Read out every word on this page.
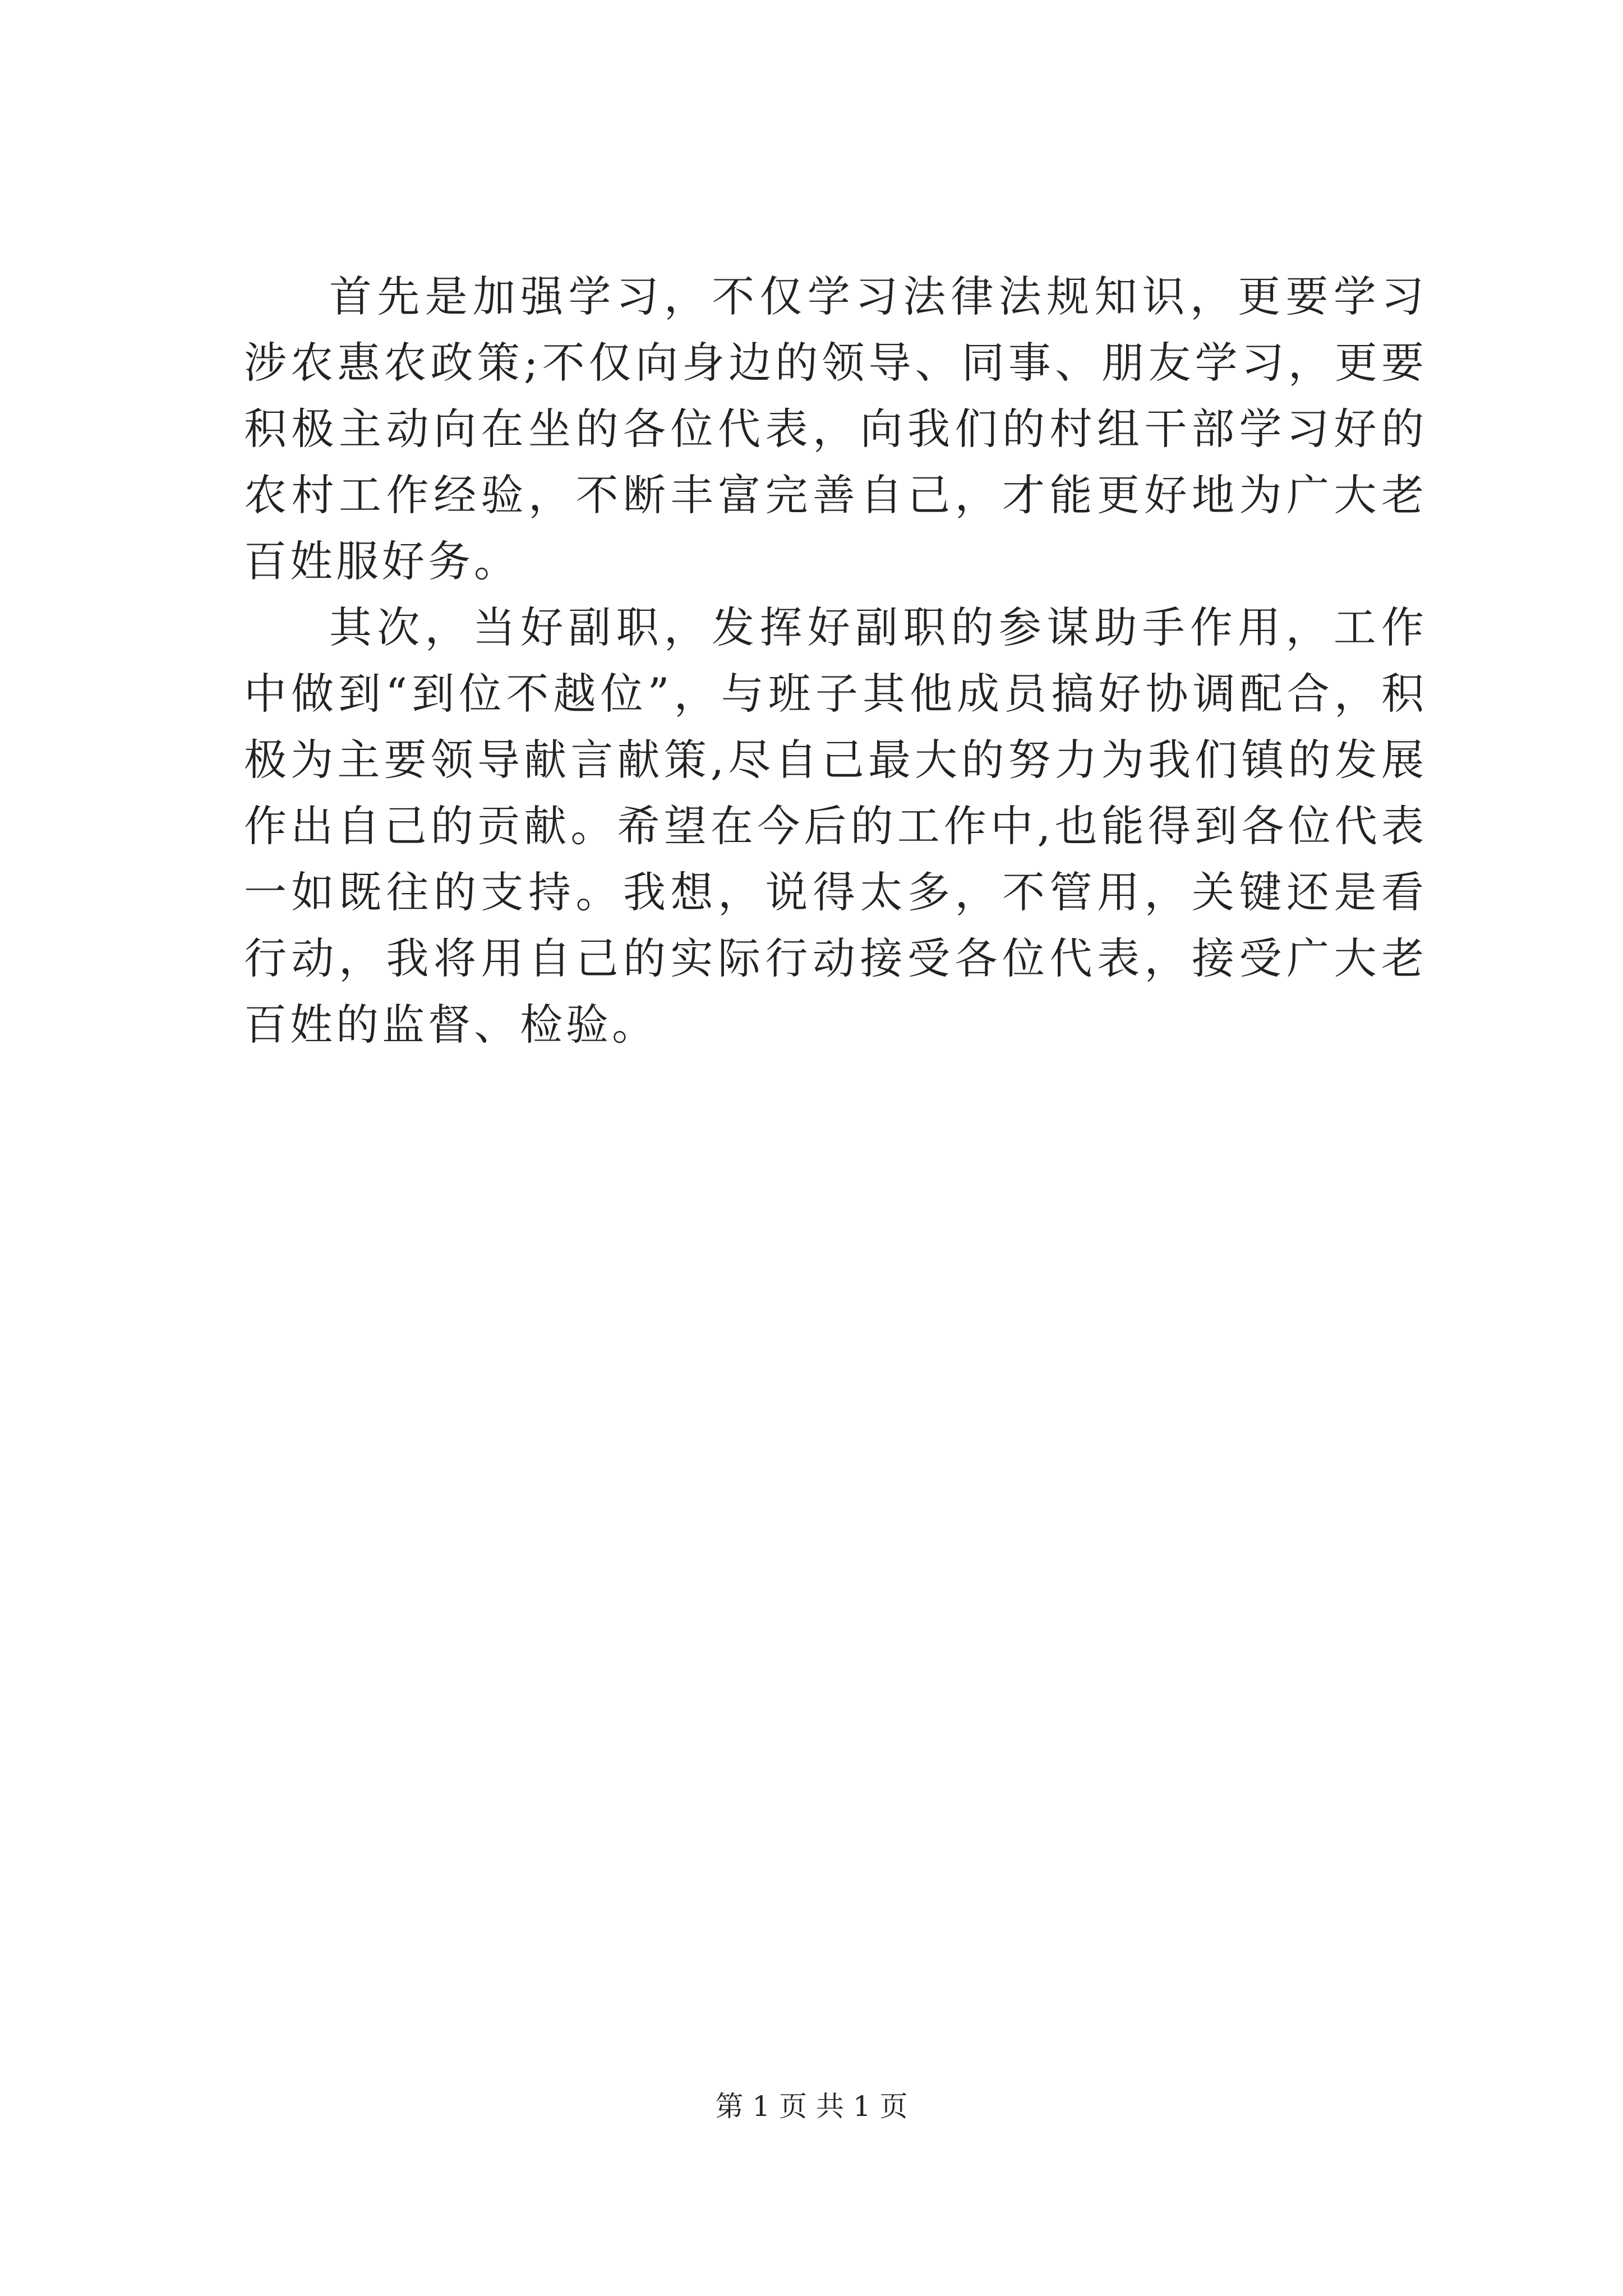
首先是加强学习，不仅学习法律法规知识，更要学习涉农惠农政策;不仅向身边的领导、同事、朋友学习，更要积极主动向在坐的各位代表，向我们的村组干部学习好的农村工作经验，不断丰富完善自己，才能更好地为广大老百姓服好务。

其次，当好副职，发挥好副职的参谋助手作用，工作中做到“到位不越位”，与班子其他成员搞好协调配合，积极为主要领导献言献策,尽自己最大的努力为我们镇的发展作出自己的贡献。希望在今后的工作中,也能得到各位代表一如既往的支持。我想，说得太多，不管用，关键还是看行动，我将用自己的实际行动接受各位代表，接受广大老百姓的监督、检验。

第 1 页 共 1 页
